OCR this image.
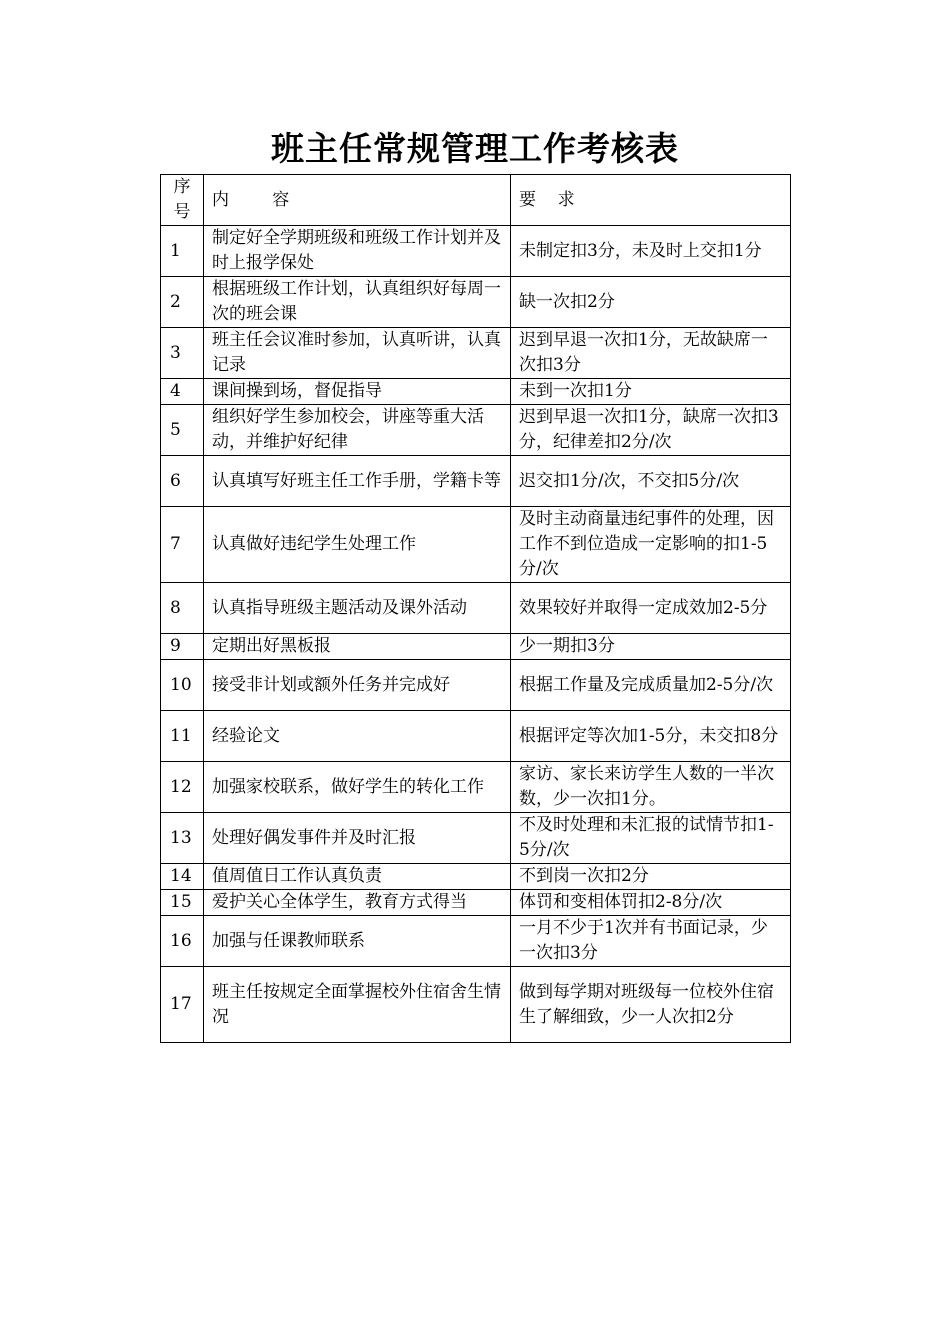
班主任常规管理工作考核表
序
号	内        容	要    求
1	制定好全学期班级和班级工作计划并及时上报学保处	未制定扣3分，未及时上交扣1分
2	根据班级工作计划，认真组织好每周一次的班会课	缺一次扣2分
3	班主任会议准时参加，认真听讲，认真记录	迟到早退一次扣1分，无故缺席一次扣3分
4	课间操到场，督促指导	未到一次扣1分
5	组织好学生参加校会，讲座等重大活动，并维护好纪律	迟到早退一次扣1分，缺席一次扣3分，纪律差扣2分/次
6	认真填写好班主任工作手册，学籍卡等	迟交扣1分/次，不交扣5分/次
7	认真做好违纪学生处理工作	及时主动商量违纪事件的处理，因工作不到位造成一定影响的扣1-5分/次
8	认真指导班级主题活动及课外活动	效果较好并取得一定成效加2-5分
9	定期出好黑板报	少一期扣3分
10	接受非计划或额外任务并完成好	根据工作量及完成质量加2-5分/次
11	经验论文	根据评定等次加1-5分，未交扣8分
12	加强家校联系，做好学生的转化工作	家访、家长来访学生人数的一半次数，少一次扣1分。
13	处理好偶发事件并及时汇报	不及时处理和未汇报的试情节扣1-5分/次
14	值周值日工作认真负责	不到岗一次扣2分
15	爱护关心全体学生，教育方式得当	体罚和变相体罚扣2-8分/次
16	加强与任课教师联系	一月不少于1次并有书面记录，少一次扣3分
17	班主任按规定全面掌握校外住宿舍生情况	做到每学期对班级每一位校外住宿生了解细致，少一人次扣2分
